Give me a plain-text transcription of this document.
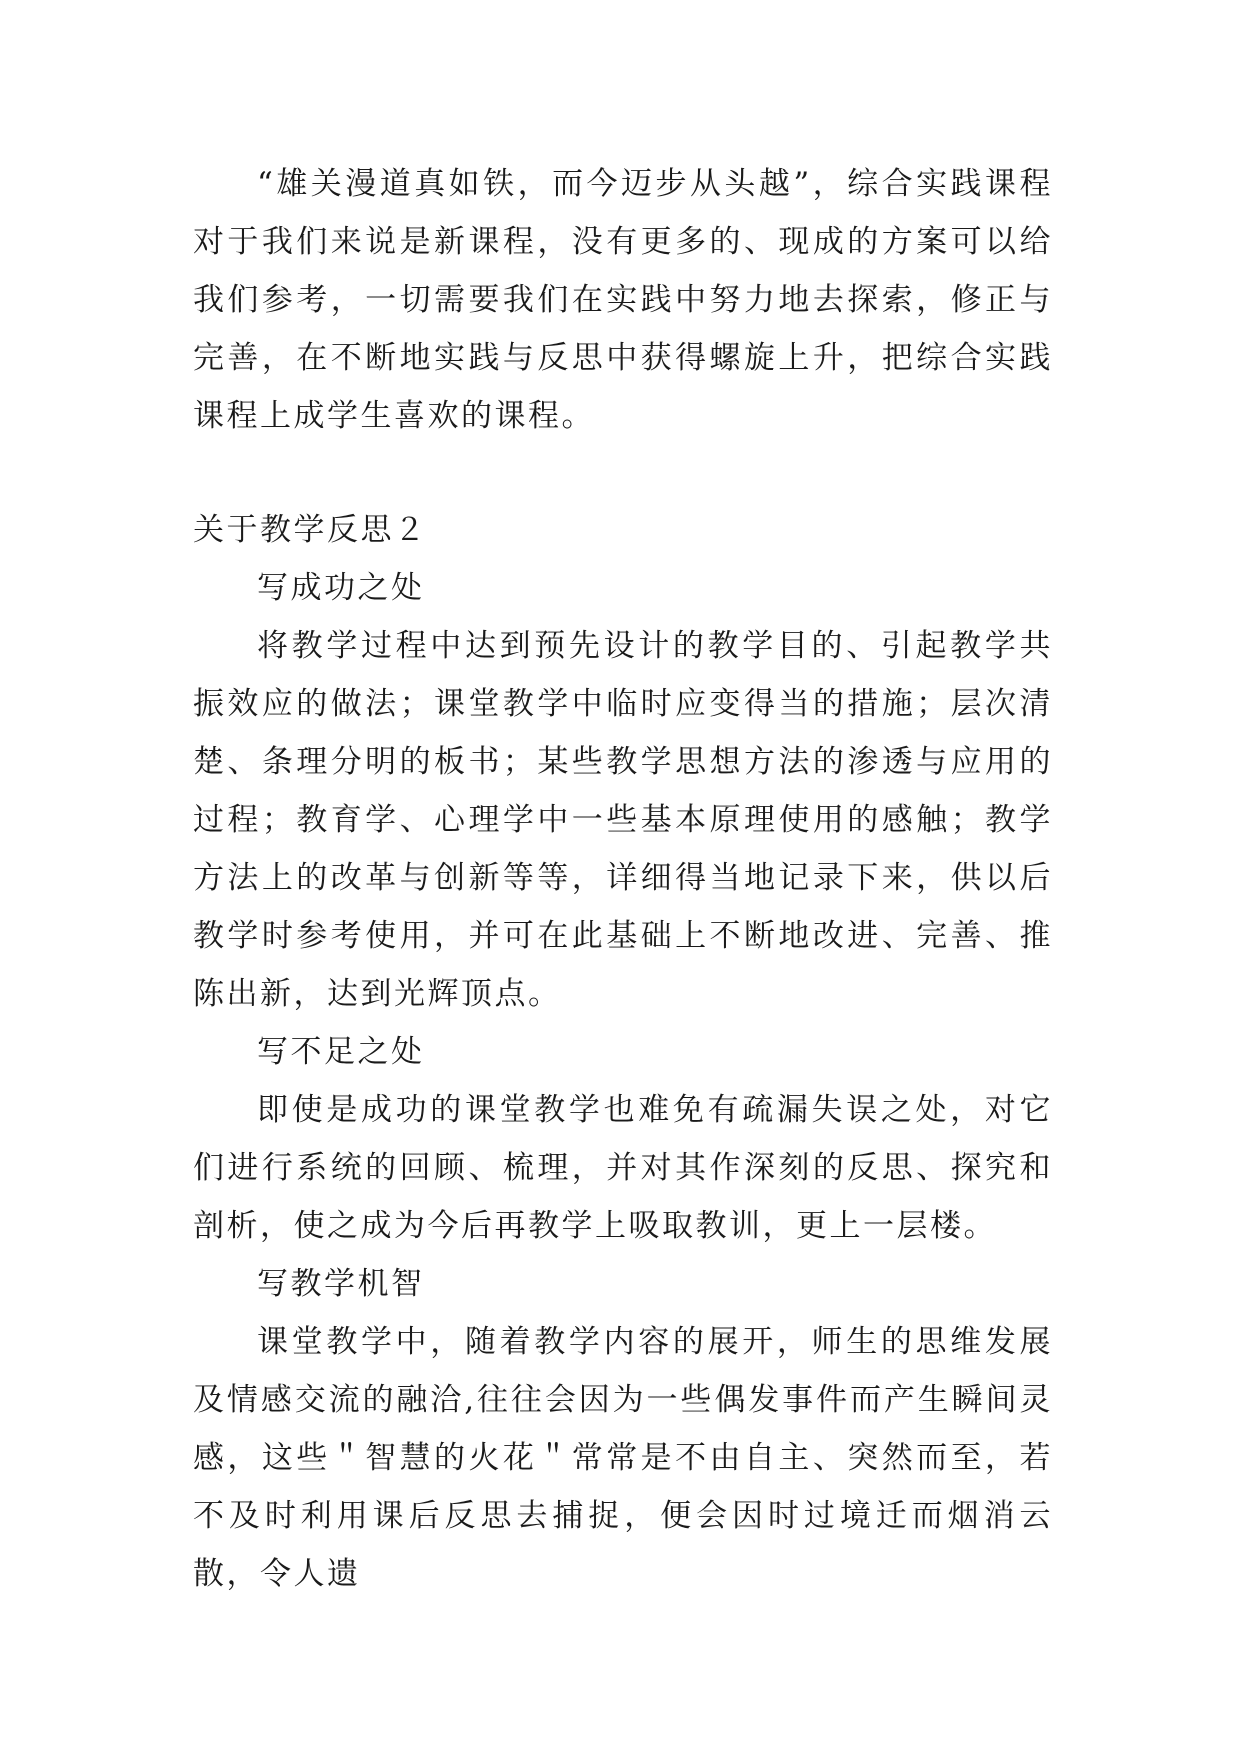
“雄关漫道真如铁，而今迈步从头越”，综合实践课程对于我们来说是新课程，没有更多的、现成的方案可以给我们参考，一切需要我们在实践中努力地去探索，修正与完善，在不断地实践与反思中获得螺旋上升，把综合实践课程上成学生喜欢的课程。

关于教学反思２

写成功之处

将教学过程中达到预先设计的教学目的、引起教学共振效应的做法；课堂教学中临时应变得当的措施；层次清楚、条理分明的板书；某些教学思想方法的渗透与应用的过程；教育学、心理学中一些基本原理使用的感触；教学方法上的改革与创新等等，详细得当地记录下来，供以后教学时参考使用，并可在此基础上不断地改进、完善、推陈出新，达到光辉顶点。

写不足之处

即使是成功的课堂教学也难免有疏漏失误之处，对它们进行系统的回顾、梳理，并对其作深刻的反思、探究和剖析，使之成为今后再教学上吸取教训，更上一层楼。

写教学机智

课堂教学中，随着教学内容的展开，师生的思维发展及情感交流的融洽,往往会因为一些偶发事件而产生瞬间灵感，这些＂智慧的火花＂常常是不由自主、突然而至，若不及时利用课后反思去捕捉，便会因时过境迁而烟消云散，令人遗
